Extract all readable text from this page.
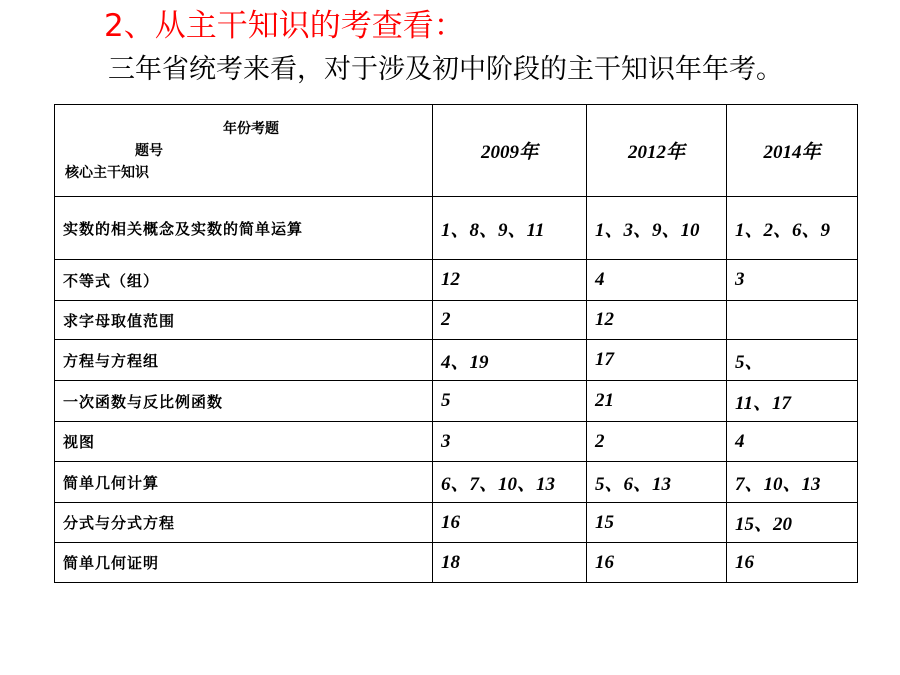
2、从主干知识的考查看：

三年省统考来看，对于涉及初中阶段的主干知识年年考。

年份考题
题号
核心主干知识	2009年	2012年	2014年
实数的相关概念及实数的简单运算	1、8、9、11	1、3、9、10	1、2、6、9
不等式（组）	12	4	3
求字母取值范围	2	12	
方程与方程组	4、19	17	5、
一次函数与反比例函数	5	21	11、17
视图	3	2	4
简单几何计算	6、7、10、13	5、6、13	7、10、13
分式与分式方程	16	15	15、20
简单几何证明	18	16	16
